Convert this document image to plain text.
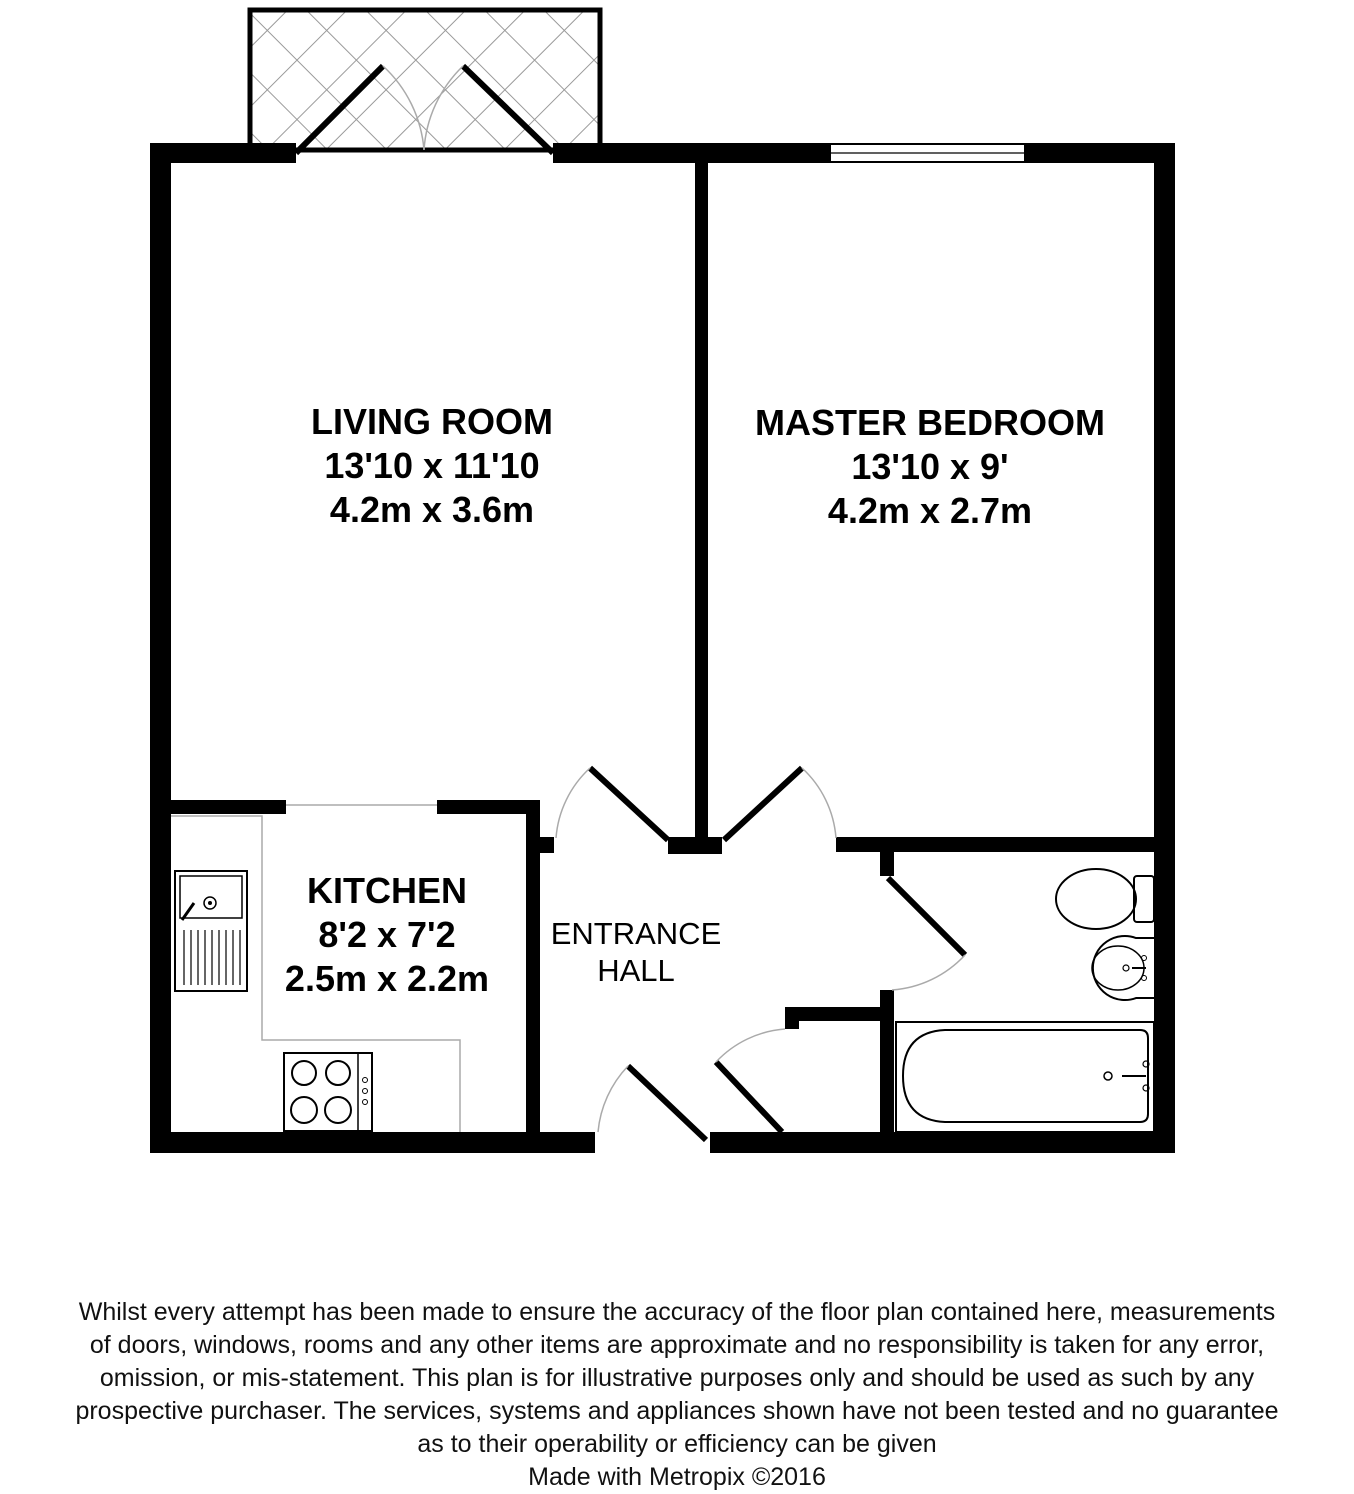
LIVING ROOM
13'10 x 11'10
4.2m x 3.6m
MASTER BEDROOM
13'10 x 9'
4.2m x 2.7m
KITCHEN
8'2 x 7'2
2.5m x 2.2m
ENTRANCE
HALL
Whilst every attempt has been made to ensure the accuracy of the floor plan contained here, measurements
of doors, windows, rooms and any other items are approximate and no responsibility is taken for any error,
omission, or mis-statement. This plan is for illustrative purposes only and should be used as such by any
prospective purchaser. The services, systems and appliances shown have not been tested and no guarantee
as to their operability or efficiency can be given
Made with Metropix ©2016
